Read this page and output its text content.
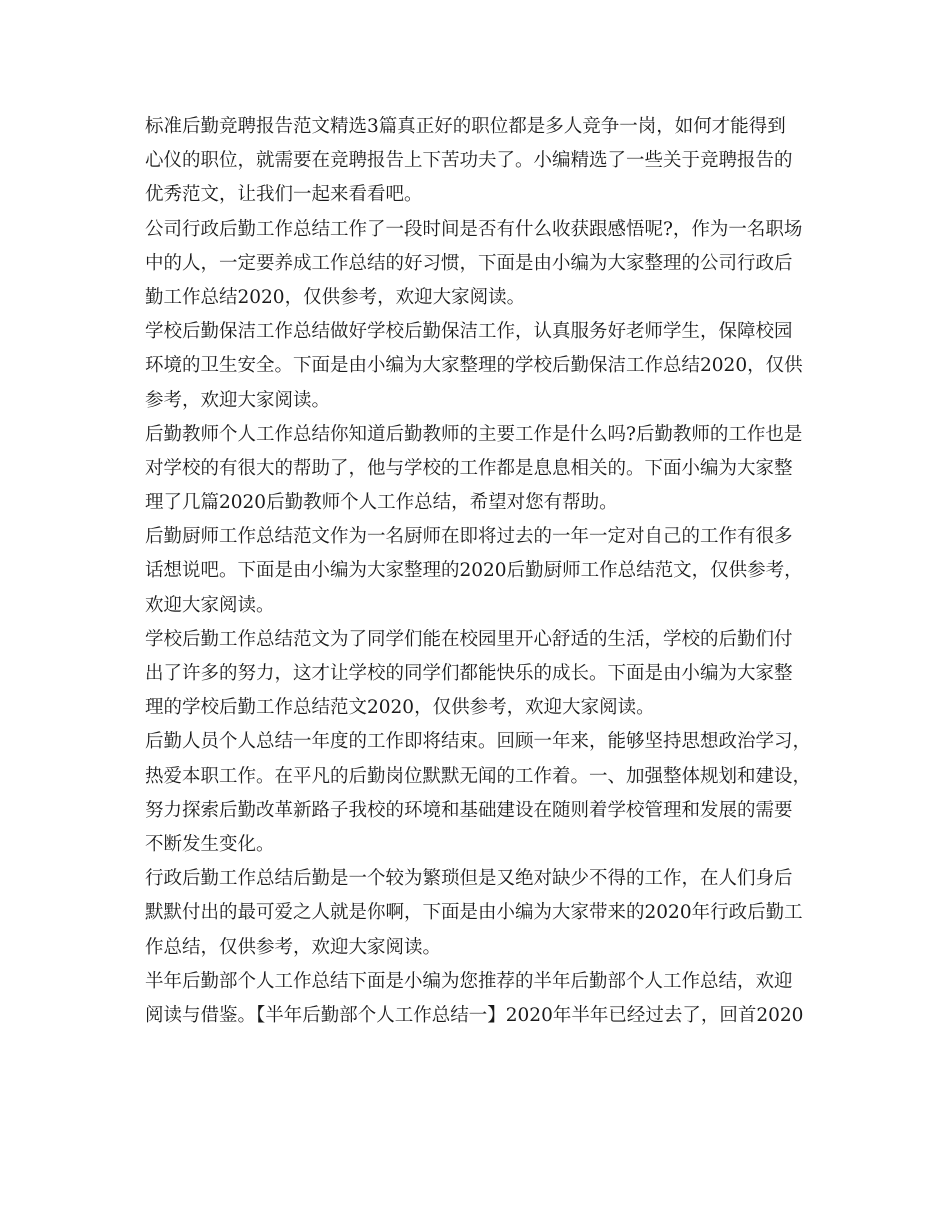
标准后勤竞聘报告范文精选3篇真正好的职位都是多人竞争一岗，如何才能得到

心仪的职位，就需要在竞聘报告上下苦功夫了。小编精选了一些关于竞聘报告的

优秀范文，让我们一起来看看吧。

公司行政后勤工作总结工作了一段时间是否有什么收获跟感悟呢?，作为一名职场

中的人，一定要养成工作总结的好习惯，下面是由小编为大家整理的公司行政后

勤工作总结2020，仅供参考，欢迎大家阅读。

学校后勤保洁工作总结做好学校后勤保洁工作，认真服务好老师学生，保障校园

环境的卫生安全。下面是由小编为大家整理的学校后勤保洁工作总结2020，仅供

参考，欢迎大家阅读。

后勤教师个人工作总结你知道后勤教师的主要工作是什么吗?后勤教师的工作也是

对学校的有很大的帮助了，他与学校的工作都是息息相关的。下面小编为大家整

理了几篇2020后勤教师个人工作总结，希望对您有帮助。

后勤厨师工作总结范文作为一名厨师在即将过去的一年一定对自己的工作有很多

话想说吧。下面是由小编为大家整理的2020后勤厨师工作总结范文，仅供参考，

欢迎大家阅读。

学校后勤工作总结范文为了同学们能在校园里开心舒适的生活，学校的后勤们付

出了许多的努力，这才让学校的同学们都能快乐的成长。下面是由小编为大家整

理的学校后勤工作总结范文2020，仅供参考，欢迎大家阅读。

后勤人员个人总结一年度的工作即将结束。回顾一年来，能够坚持思想政治学习，

热爱本职工作。在平凡的后勤岗位默默无闻的工作着。一、加强整体规划和建设，

努力探索后勤改革新路子我校的环境和基础建设在随则着学校管理和发展的需要

不断发生变化。

行政后勤工作总结后勤是一个较为繁琐但是又绝对缺少不得的工作，在人们身后

默默付出的最可爱之人就是你啊，下面是由小编为大家带来的2020年行政后勤工

作总结，仅供参考，欢迎大家阅读。

半年后勤部个人工作总结下面是小编为您推荐的半年后勤部个人工作总结，欢迎

阅读与借鉴。【半年后勤部个人工作总结一】2020年半年已经过去了，回首2020
